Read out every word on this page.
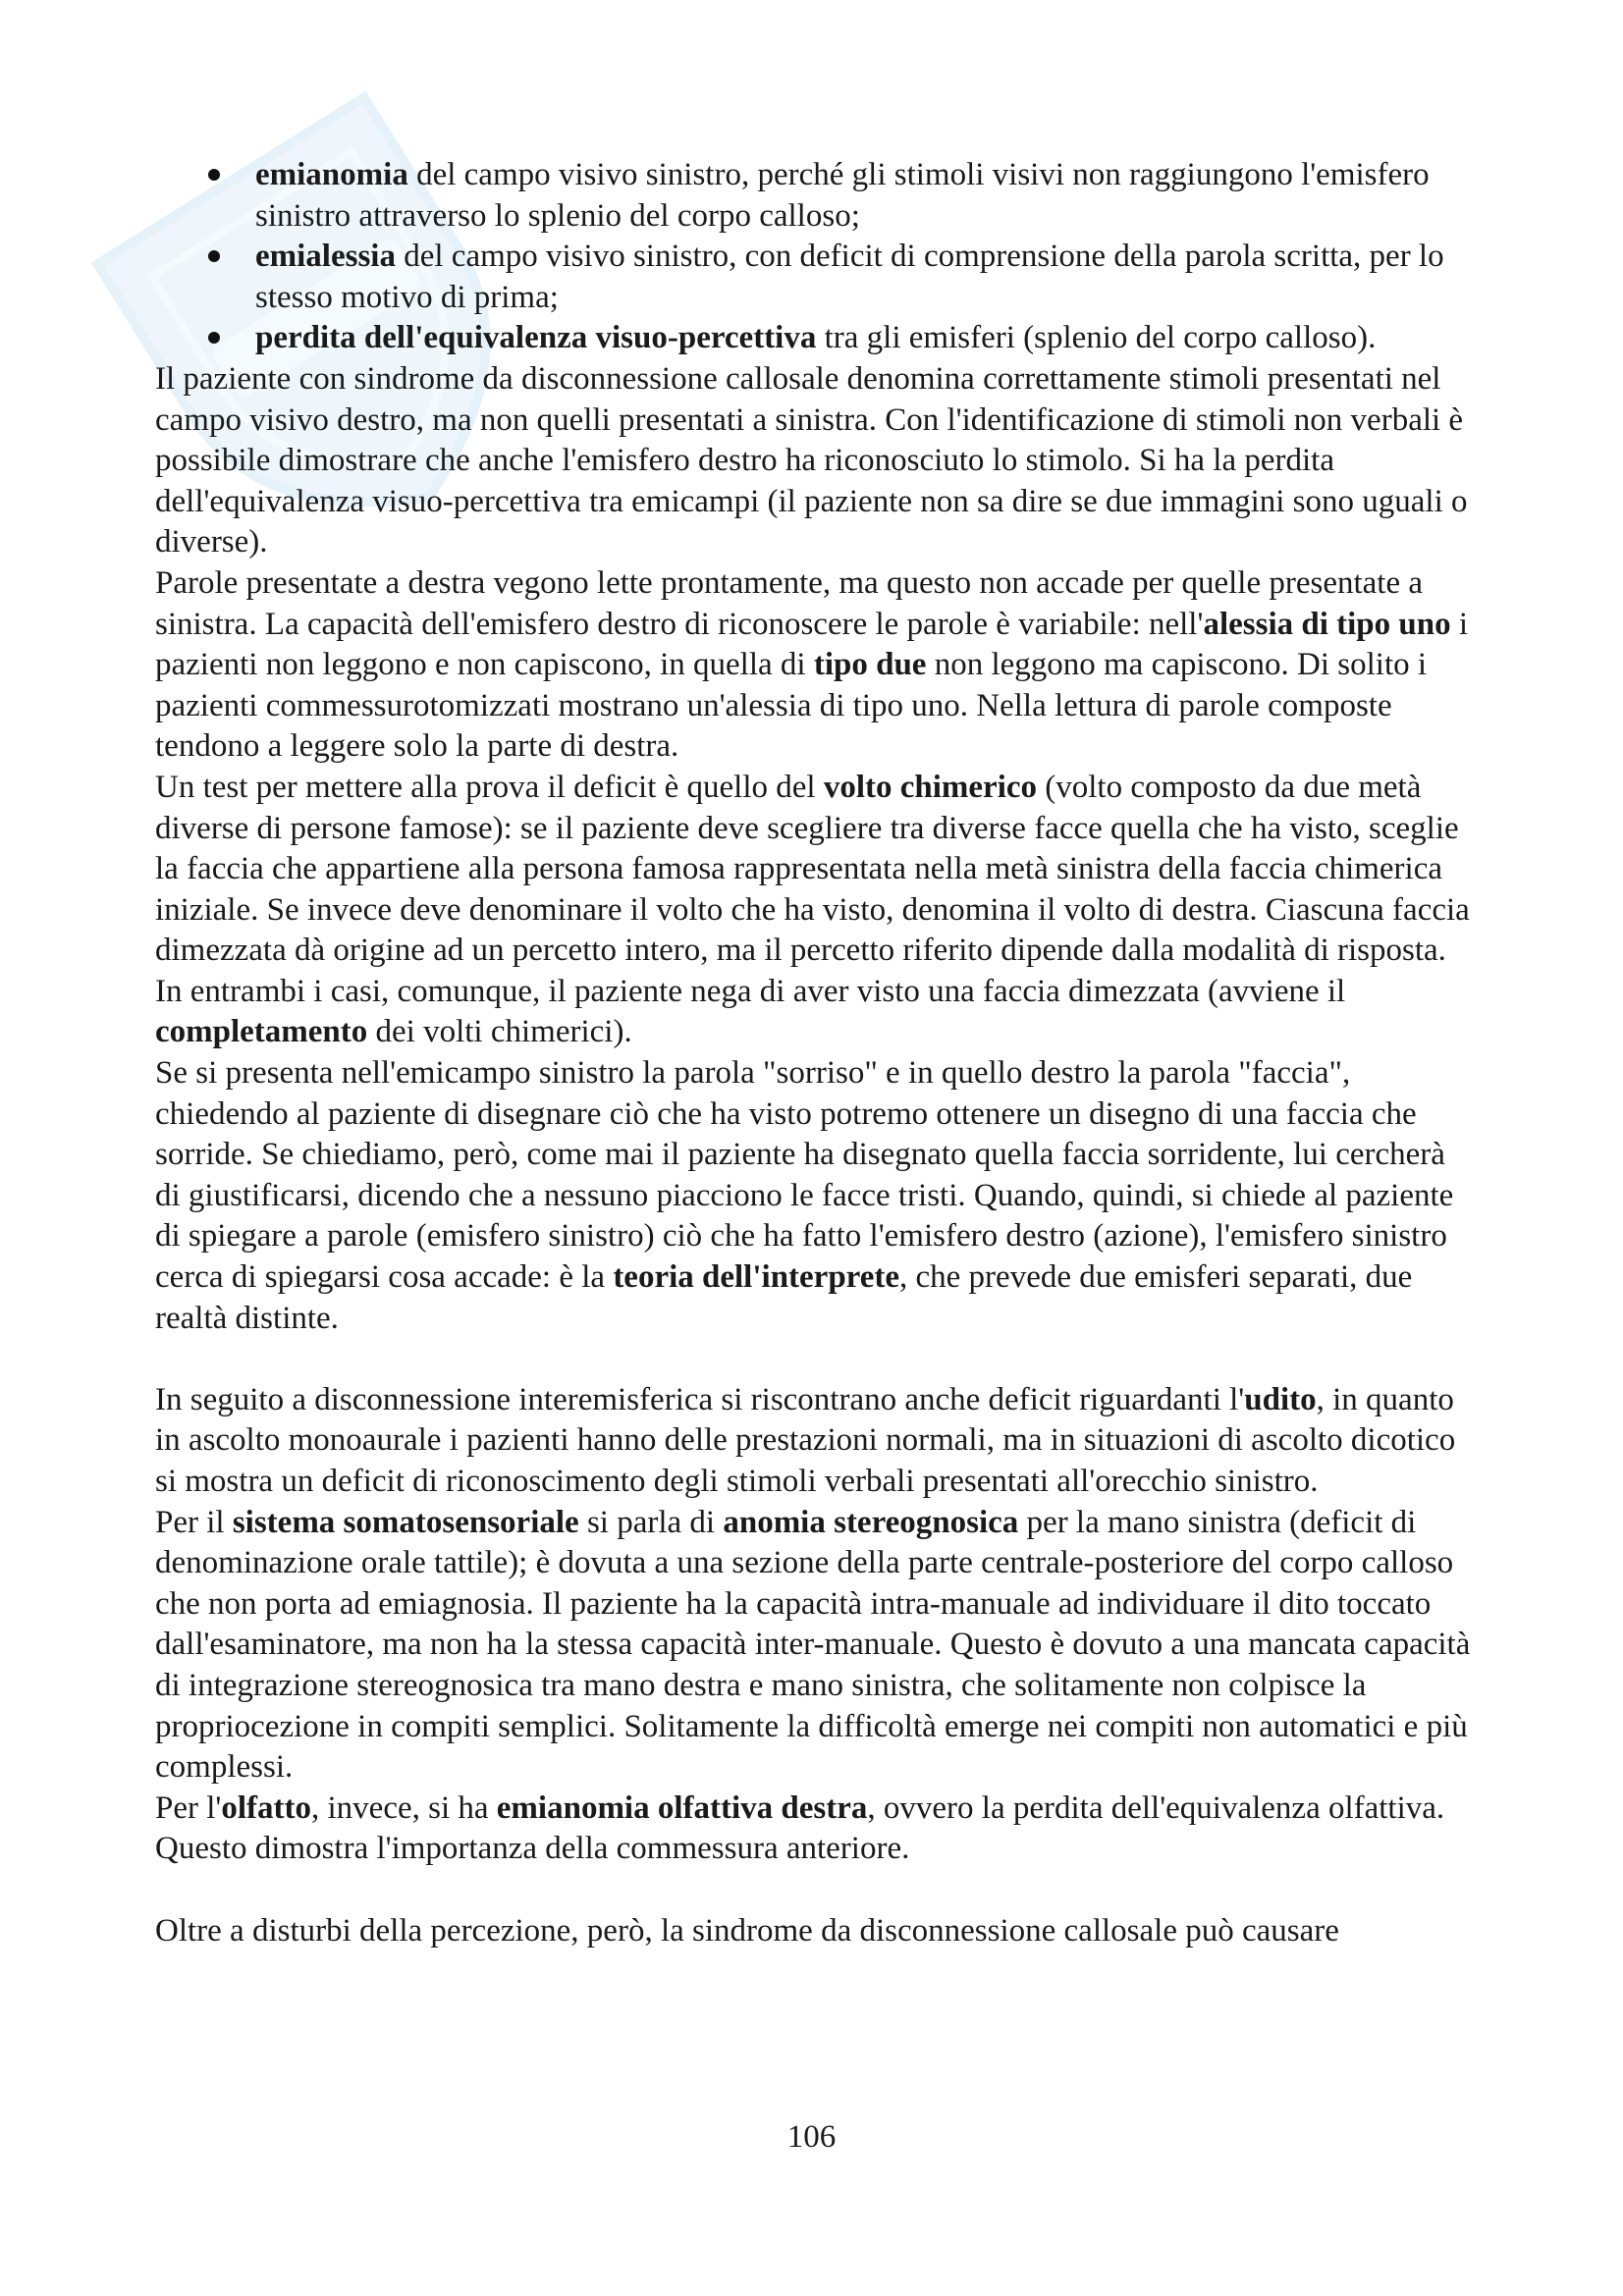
emianomia del campo visivo sinistro, perché gli stimoli visivi non raggiungono l'emisfero sinistro attraverso lo splenio del corpo calloso;
emialessia del campo visivo sinistro, con deficit di comprensione della parola scritta, per lo stesso motivo di prima;
perdita dell'equivalenza visuo-percettiva tra gli emisferi (splenio del corpo calloso).

Il paziente con sindrome da disconnessione callosale denomina correttamente stimoli presentati nel campo visivo destro, ma non quelli presentati a sinistra. Con l'identificazione di stimoli non verbali è possibile dimostrare che anche l'emisfero destro ha riconosciuto lo stimolo. Si ha la perdita dell'equivalenza visuo-percettiva tra emicampi (il paziente non sa dire se due immagini sono uguali o diverse).

Parole presentate a destra vegono lette prontamente, ma questo non accade per quelle presentate a sinistra. La capacità dell'emisfero destro di riconoscere le parole è variabile: nell'alessia di tipo uno i pazienti non leggono e non capiscono, in quella di tipo due non leggono ma capiscono. Di solito i pazienti commessurotomizzati mostrano un'alessia di tipo uno. Nella lettura di parole composte tendono a leggere solo la parte di destra.

Un test per mettere alla prova il deficit è quello del volto chimerico (volto composto da due metà diverse di persone famose): se il paziente deve scegliere tra diverse facce quella che ha visto, sceglie la faccia che appartiene alla persona famosa rappresentata nella metà sinistra della faccia chimerica iniziale. Se invece deve denominare il volto che ha visto, denomina il volto di destra. Ciascuna faccia dimezzata dà origine ad un percetto intero, ma il percetto riferito dipende dalla modalità di risposta. In entrambi i casi, comunque, il paziente nega di aver visto una faccia dimezzata (avviene il completamento dei volti chimerici).

Se si presenta nell'emicampo sinistro la parola "sorriso" e in quello destro la parola "faccia", chiedendo al paziente di disegnare ciò che ha visto potremo ottenere un disegno di una faccia che sorride. Se chiediamo, però, come mai il paziente ha disegnato quella faccia sorridente, lui cercherà di giustificarsi, dicendo che a nessuno piacciono le facce tristi. Quando, quindi, si chiede al paziente di spiegare a parole (emisfero sinistro) ciò che ha fatto l'emisfero destro (azione), l'emisfero sinistro cerca di spiegarsi cosa accade: è la teoria dell'interprete, che prevede due emisferi separati, due realtà distinte.

In seguito a disconnessione interemisferica si riscontrano anche deficit riguardanti l'udito, in quanto in ascolto monoaurale i pazienti hanno delle prestazioni normali, ma in situazioni di ascolto dicotico si mostra un deficit di riconoscimento degli stimoli verbali presentati all'orecchio sinistro.

Per il sistema somatosensoriale si parla di anomia stereognosica per la mano sinistra (deficit di denominazione orale tattile); è dovuta a una sezione della parte centrale-posteriore del corpo calloso che non porta ad emiagnosia. Il paziente ha la capacità intra-manuale ad individuare il dito toccato dall'esaminatore, ma non ha la stessa capacità inter-manuale. Questo è dovuto a una mancata capacità di integrazione stereognosica tra mano destra e mano sinistra, che solitamente non colpisce la propriocezione in compiti semplici. Solitamente la difficoltà emerge nei compiti non automatici e più complessi.

Per l'olfatto, invece, si ha emianomia olfattiva destra, ovvero la perdita dell'equivalenza olfattiva. Questo dimostra l'importanza della commessura anteriore.

Oltre a disturbi della percezione, però, la sindrome da disconnessione callosale può causare

106
